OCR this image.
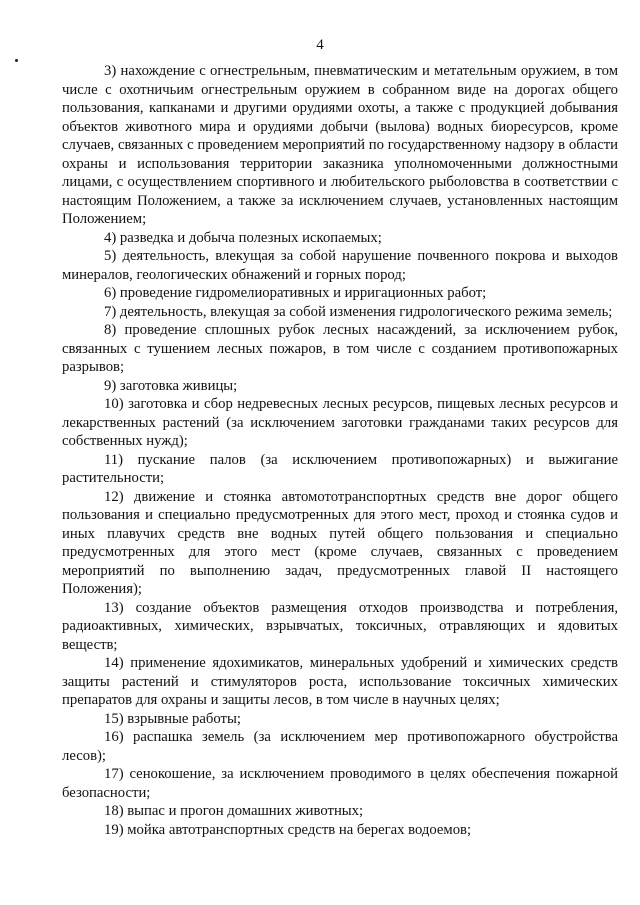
4

3) нахождение с огнестрельным, пневматическим и метательным оружием, в том числе с охотничьим огнестрельным оружием в собранном виде на дорогах общего пользования, капканами и другими орудиями охоты, а также с продукцией добывания объектов животного мира и орудиями добычи (вылова) водных биоресурсов, кроме случаев, связанных с проведением мероприятий по государственному надзору в области охраны и использования территории заказника уполномоченными должностными лицами, с осуществлением спортивного и любительского рыболовства в соответствии с настоящим Положением, а также за исключением случаев, установленных настоящим Положением;

4) разведка и добыча полезных ископаемых;

5) деятельность, влекущая за собой нарушение почвенного покрова и выходов минералов, геологических обнажений и горных пород;

6) проведение гидромелиоративных и ирригационных работ;

7) деятельность, влекущая за собой изменения гидрологического режима земель;

8) проведение сплошных рубок лесных насаждений, за исключением рубок, связанных с тушением лесных пожаров, в том числе с созданием противопожарных разрывов;

9) заготовка живицы;

10) заготовка и сбор недревесных лесных ресурсов, пищевых лесных ресурсов и лекарственных растений (за исключением заготовки гражданами таких ресурсов для собственных нужд);

11) пускание палов (за исключением противопожарных) и выжигание растительности;

12) движение и стоянка автомототранспортных средств вне дорог общего пользования и специально предусмотренных для этого мест, проход и стоянка судов и иных плавучих средств вне водных путей общего пользования и специально предусмотренных для этого мест (кроме случаев, связанных с проведением мероприятий по выполнению задач, предусмотренных главой II настоящего Положения);

13) создание объектов размещения отходов производства и потребления, радиоактивных, химических, взрывчатых, токсичных, отравляющих и ядовитых веществ;

14) применение ядохимикатов, минеральных удобрений и химических средств защиты растений и стимуляторов роста, использование токсичных химических препаратов для охраны и защиты лесов, в том числе в научных целях;

15) взрывные работы;

16) распашка земель (за исключением мер противопожарного обустройства лесов);

17) сенокошение, за исключением проводимого в целях обеспечения пожарной безопасности;

18) выпас и прогон домашних животных;

19) мойка автотранспортных средств на берегах водоемов;
